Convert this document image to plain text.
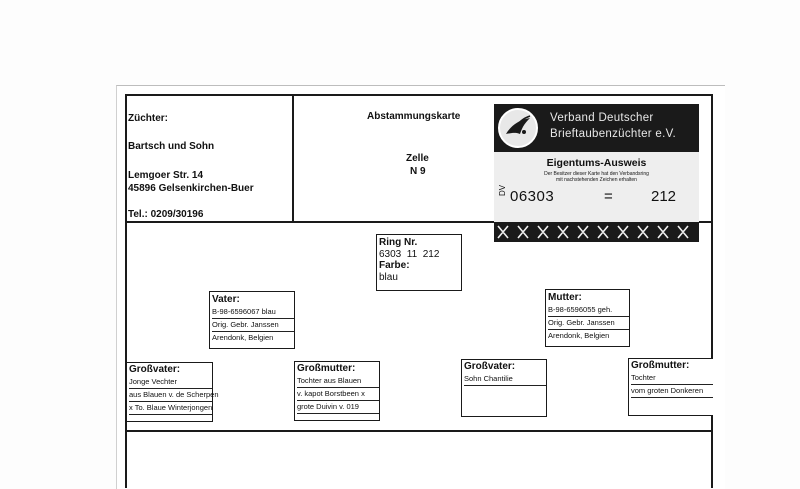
Züchter:
Bartsch und Sohn
Lemgoer Str. 14
45896 Gelsenkirchen-Buer
Tel.: 0209/30196
Abstammungskarte
Zelle
N 9
Verband Deutscher
Brieftaubenzüchter e.V.
Eigentums-Ausweis
Der Besitzer dieser Karte hat den Verbandsring
mit nachstehenden Zeichen erhalten
DV 06303	=	212
Ring Nr.
6303  11  212
Farbe:
blau
Vater:
B-98-6596067 blau
Orig. Gebr. Janssen
Arendonk, Belgien
Mutter:
B-98-6596055 geh.
Orig. Gebr. Janssen
Arendonk, Belgien
Großvater:
Jonge Vechter
aus Blauen v. de Scherpen
x To. Blaue Winterjongen
Großmutter:
Tochter aus Blauen
v. kapot Borstbeen x
grote Duivin v. 019
Großvater:
Sohn Chantilie
Großmutter:
Tochter
vom groten Donkeren
